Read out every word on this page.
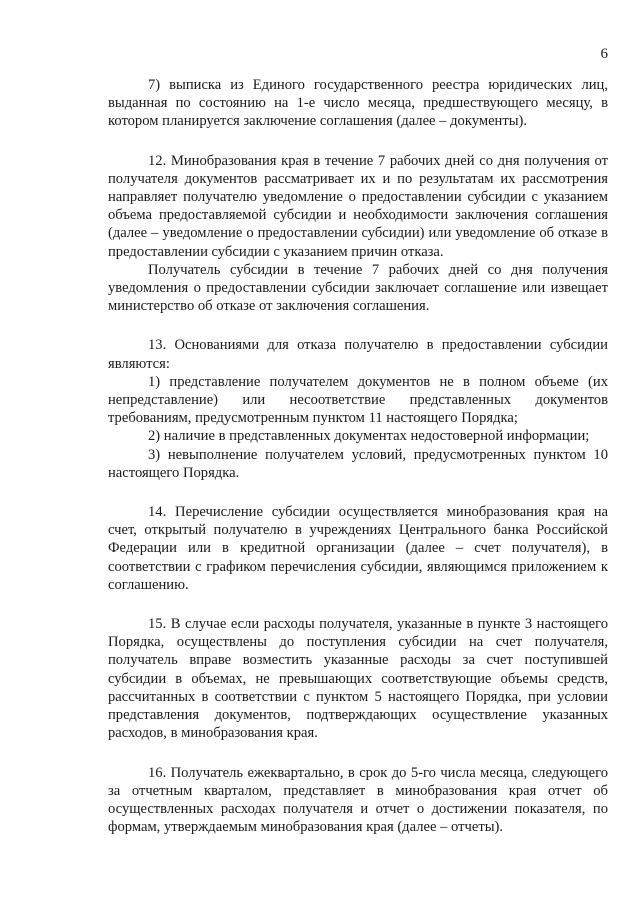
6

7) выписка из Единого государственного реестра юридических лиц, выданная по состоянию на 1-е число месяца, предшествующего месяцу, в котором планируется заключение соглашения (далее – документы).

12. Минобразования края в течение 7 рабочих дней со дня получения от получателя документов рассматривает их и по результатам их рассмотрения направляет получателю уведомление о предоставлении субсидии с указанием объема предоставляемой субсидии и необходимости заключения соглашения (далее – уведомление о предоставлении субсидии) или уведомление об отказе в предоставлении субсидии с указанием причин отказа.

Получатель субсидии в течение 7 рабочих дней со дня получения уведомления о предоставлении субсидии заключает соглашение или извещает министерство об отказе от заключения соглашения.

13. Основаниями для отказа получателю в предоставлении субсидии являются:

1) представление получателем документов не в полном объеме (их непредставление) или несоответствие представленных документов требованиям, предусмотренным пунктом 11 настоящего Порядка;

2) наличие в представленных документах недостоверной информации;

3) невыполнение получателем условий, предусмотренных пунктом 10 настоящего Порядка.

14. Перечисление субсидии осуществляется минобразования края на счет, открытый получателю в учреждениях Центрального банка Российской Федерации или в кредитной организации (далее – счет получателя), в соответствии с графиком перечисления субсидии, являющимся приложением к соглашению.

15. В случае если расходы получателя, указанные в пункте 3 настоящего Порядка, осуществлены до поступления субсидии на счет получателя, получатель вправе возместить указанные расходы за счет поступившей субсидии в объемах, не превышающих соответствующие объемы средств, рассчитанных в соответствии с пунктом 5 настоящего Порядка, при условии представления документов, подтверждающих осуществление указанных расходов, в минобразования края.

16. Получатель ежеквартально, в срок до 5-го числа месяца, следующего за отчетным кварталом, представляет в минобразования края отчет об осуществленных расходах получателя и отчет о достижении показателя, по формам, утверждаемым минобразования края (далее – отчеты).
